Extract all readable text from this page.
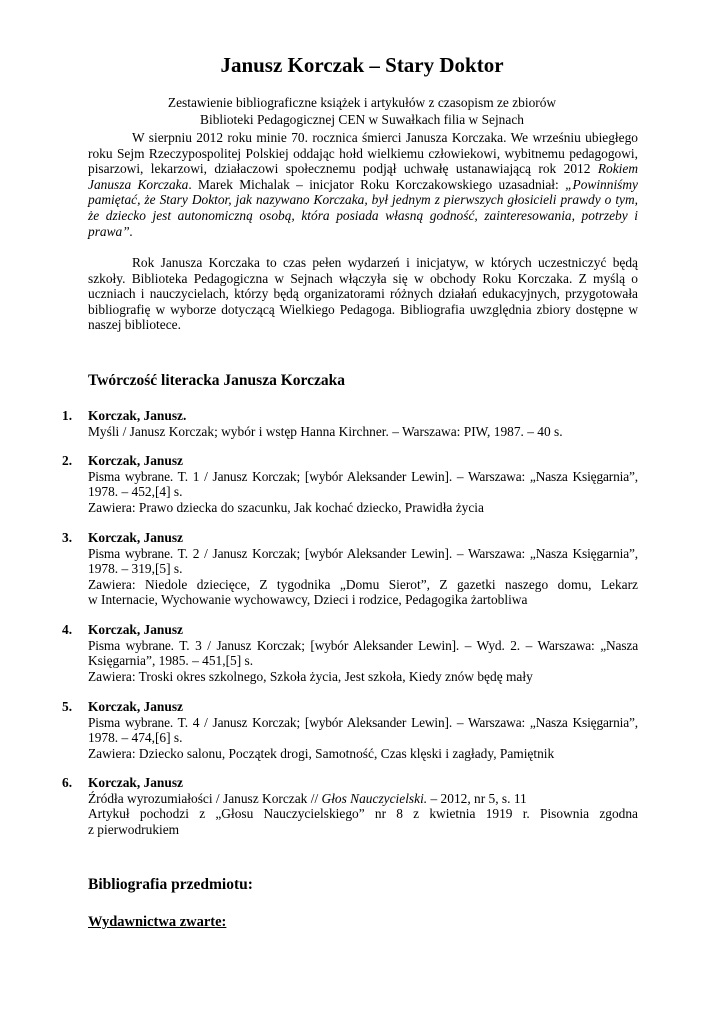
Janusz Korczak – Stary Doktor
Zestawienie bibliograficzne książek i artykułów z czasopism ze zbiorów
Biblioteki Pedagogicznej CEN w Suwałkach filia w Sejnach

W sierpniu 2012 roku minie 70. rocznica śmierci Janusza Korczaka. We wrześniu ubiegłego roku Sejm Rzeczypospolitej Polskiej oddając hołd wielkiemu człowiekowi, wybitnemu pedagogowi, pisarzowi, lekarzowi, działaczowi społecznemu podjął uchwałę ustanawiającą rok 2012 Rokiem Janusza Korczaka. Marek Michalak – inicjator Roku Korczakowskiego uzasadniał: „Powinniśmy pamiętać, że Stary Doktor, jak nazywano Korczaka, był jednym z pierwszych głosicieli prawdy o tym, że dziecko jest autonomiczną osobą, która posiada własną godność, zainteresowania, potrzeby i prawa”.

Rok Janusza Korczaka to czas pełen wydarzeń i inicjatyw, w których uczestniczyć będą szkoły. Biblioteka Pedagogiczna w Sejnach włączyła się w obchody Roku Korczaka. Z myślą o uczniach i nauczycielach, którzy będą organizatorami różnych działań edukacyjnych, przygotowała bibliografię w wyborze dotyczącą Wielkiego Pedagoga. Bibliografia uwzględnia zbiory dostępne w naszej bibliotece.

Twórczość literacka Janusza Korczaka
1.	Korczak, Janusz.

Myśli / Janusz Korczak; wybór i wstęp Hanna Kirchner. – Warszawa: PIW, 1987. – 40 s.

2.	Korczak, Janusz

Pisma wybrane. T. 1 / Janusz Korczak; [wybór Aleksander Lewin]. – Warszawa: „Nasza Księgarnia”,

1978. – 452,[4] s.

Zawiera: Prawo dziecka do szacunku, Jak kochać dziecko, Prawidła życia

3.	Korczak, Janusz

Pisma wybrane. T. 2 / Janusz Korczak; [wybór Aleksander Lewin]. – Warszawa: „Nasza Księgarnia”,

1978. – 319,[5] s.

Zawiera: Niedole dziecięce, Z tygodnika „Domu Sierot”, Z gazetki naszego domu, Lekarz

w Internacie, Wychowanie wychowawcy, Dzieci i rodzice, Pedagogika żartobliwa

4.	Korczak, Janusz

Pisma wybrane. T. 3 / Janusz Korczak; [wybór Aleksander Lewin]. – Wyd. 2. – Warszawa: „Nasza

Księgarnia”, 1985. – 451,[5] s.

Zawiera: Troski okres szkolnego, Szkoła życia, Jest szkoła, Kiedy znów będę mały

5.	Korczak, Janusz

Pisma wybrane. T. 4 / Janusz Korczak; [wybór Aleksander Lewin]. – Warszawa: „Nasza Księgarnia”,

1978. – 474,[6] s.

Zawiera: Dziecko salonu, Początek drogi, Samotność, Czas klęski i zagłady, Pamiętnik

6.	Korczak, Janusz

Źródła wyrozumiałości / Janusz Korczak // Głos Nauczycielski. – 2012, nr 5, s. 11

Artykuł pochodzi z „Głosu Nauczycielskiego” nr 8 z kwietnia 1919 r. Pisownia zgodna

z pierwodrukiem

Bibliografia przedmiotu:
Wydawnictwa zwarte:
